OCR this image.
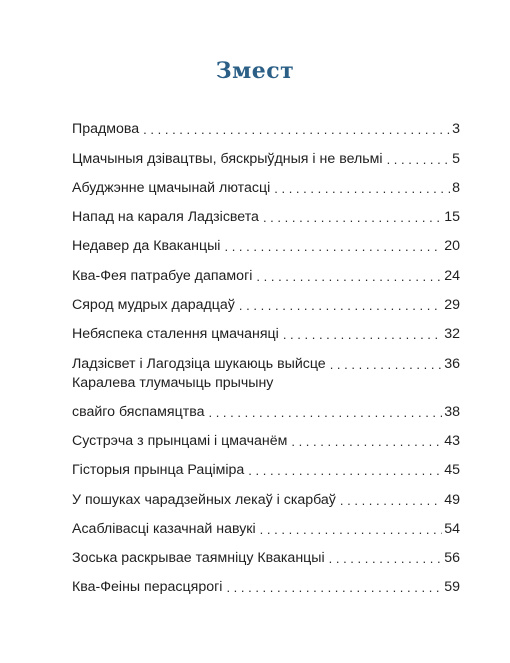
Змест
Прадмова . . .	3
Цмачыныя дзівацтвы, бяскрыўдныя і не вельмі . . .	5
Абуджэнне цмачынай лютасці . . .	8
Напад на караля Ладзісвета . . .	15
Недавер да Кваканцыі . . .	20
Ква-Фея патрабуе дапамогі . . .	24
Сярод мудрых дарадцаў . . .	29
Небяспека сталення цмачаняці . . .	32
Ладзісвет і Лагодзіца шукаюць выйсце . . .	36
Каралева тлумачыць прычыну
свайго бяспамяцтва . . .	38
Сустрэча з прынцамі і цмачанём . . .	43
Гісторыя прынца Раціміра . . .	45
У пошуках чарадзейных лекаў і скарбаў . . .	49
Асаблівасці казачнай навукі . . .	54
Зоська раскрывае таямніцу Кваканцыі . . .	56
Ква-Феіны перасцярогі . . .	59
